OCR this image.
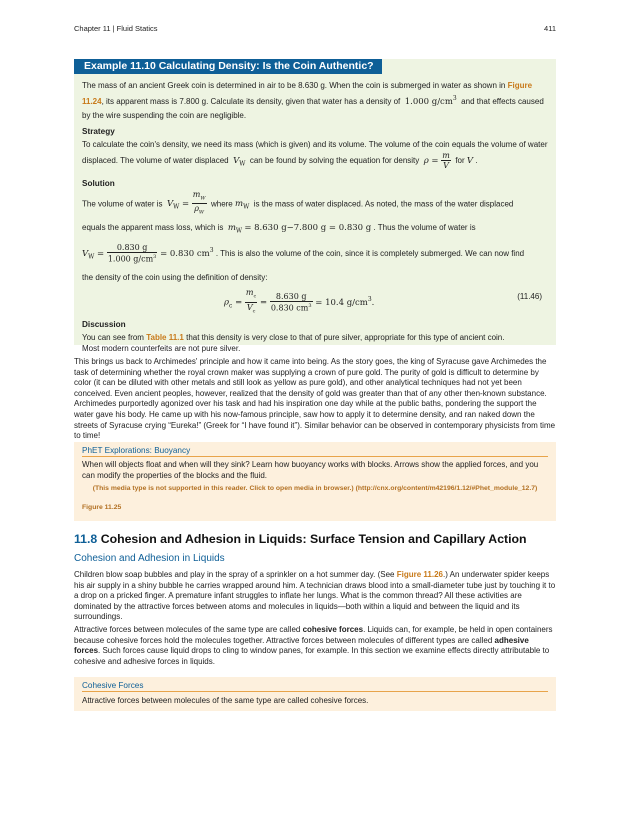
Chapter 11 | Fluid Statics	411
Example 11.10 Calculating Density: Is the Coin Authentic?

The mass of an ancient Greek coin is determined in air to be 8.630 g. When the coin is submerged in water as shown in Figure 11.24, its apparent mass is 7.800 g. Calculate its density, given that water has a density of 1.000 $g/cm^3$ and that effects caused by the wire suspending the coin are negligible.

Strategy

To calculate the coin's density, we need its mass (which is given) and its volume. The volume of the coin equals the volume of water displaced. The volume of water displaced $V_W$ can be found by solving the equation for density $\rho = \frac{m}{V}$ for V .

Solution

The volume of water is $V_W = \frac{m_W}{\rho_W}$ where $m_W$ is the mass of water displaced. As noted, the mass of the water displaced
equals the apparent mass loss, which is $m_W = 8.630$ g−7.800 g = 0.830 g . Thus the volume of water is
$V_W = \frac{0.830 g}{1.000 g/cm^3} = 0.830$ $cm^3$ . This is also the volume of the coin, since it is completely submerged. We can now find
the density of the coin using the definition of density:

$\rho_c = \frac{m_c}{V_c} = \frac{8.630 g}{0.830 cm^3} = 10.4$ $g/cm^3$.
(11.46)
Discussion

You can see from Table 11.1 that this density is very close to that of pure silver, appropriate for this type of ancient coin.
Most modern counterfeits are not pure silver.

This brings us back to Archimedes' principle and how it came into being. As the story goes, the king of Syracuse gave Archimedes the task of determining whether the royal crown maker was supplying a crown of pure gold. The purity of gold is difficult to determine by color (it can be diluted with other metals and still look as yellow as pure gold), and other analytical techniques had not yet been conceived. Even ancient peoples, however, realized that the density of gold was greater than that of any other then-known substance. Archimedes purportedly agonized over his task and had his inspiration one day while at the public baths, pondering the support the water gave his body. He came up with his now-famous principle, saw how to apply it to determine density, and ran naked down the streets of Syracuse crying “Eureka!” (Greek for “I have found it”). Similar behavior can be observed in contemporary physicists from time to time!
PhET Explorations: Buoyancy
When will objects float and when will they sink? Learn how buoyancy works with blocks. Arrows show the applied forces, and you can modify the properties of the blocks and the fluid.
(This media type is not supported in this reader. Click to open media in browser.) (http://cnx.org/content/m42196/1.12/#Phet_module_12.7)
Figure 11.25
11.8 Cohesion and Adhesion in Liquids: Surface Tension and Capillary Action
Cohesion and Adhesion in Liquids
Children blow soap bubbles and play in the spray of a sprinkler on a hot summer day. (See Figure 11.26.) An underwater spider keeps his air supply in a shiny bubble he carries wrapped around him. A technician draws blood into a small-diameter tube just by touching it to a drop on a pricked finger. A premature infant struggles to inflate her lungs. What is the common thread? All these activities are dominated by the attractive forces between atoms and molecules in liquids—both within a liquid and between the liquid and its surroundings.
Attractive forces between molecules of the same type are called cohesive forces. Liquids can, for example, be held in open containers because cohesive forces hold the molecules together. Attractive forces between molecules of different types are called adhesive forces. Such forces cause liquid drops to cling to window panes, for example. In this section we examine effects directly attributable to cohesive and adhesive forces in liquids.
Cohesive Forces
Attractive forces between molecules of the same type are called cohesive forces.
